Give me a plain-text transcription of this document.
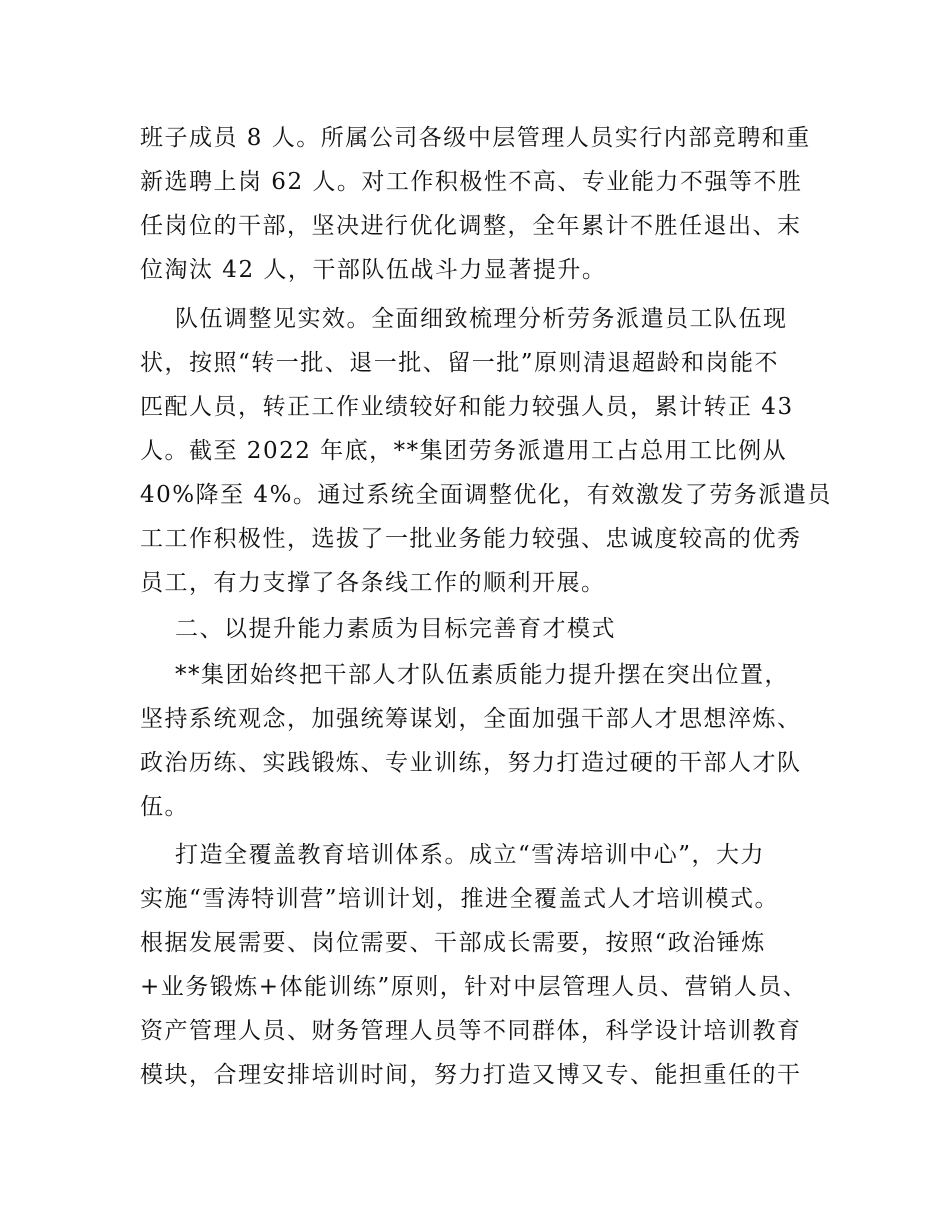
班子成员 8 人。所属公司各级中层管理人员实行内部竞聘和重
新选聘上岗 62 人。对工作积极性不高、专业能力不强等不胜
任岗位的干部，坚决进行优化调整，全年累计不胜任退出、末
位淘汰 42 人，干部队伍战斗力显著提升。
队伍调整见实效。全面细致梳理分析劳务派遣员工队伍现
状，按照“转一批、退一批、留一批”原则清退超龄和岗能不
匹配人员，转正工作业绩较好和能力较强人员，累计转正 43
人。截至 2022 年底，**集团劳务派遣用工占总用工比例从
40%降至 4%。通过系统全面调整优化，有效激发了劳务派遣员
工工作积极性，选拔了一批业务能力较强、忠诚度较高的优秀
员工，有力支撑了各条线工作的顺利开展。
二、以提升能力素质为目标完善育才模式
**集团始终把干部人才队伍素质能力提升摆在突出位置，
坚持系统观念，加强统筹谋划，全面加强干部人才思想淬炼、
政治历练、实践锻炼、专业训练，努力打造过硬的干部人才队
伍。
打造全覆盖教育培训体系。成立“雪涛培训中心”，大力
实施“雪涛特训营”培训计划，推进全覆盖式人才培训模式。
根据发展需要、岗位需要、干部成长需要，按照“政治锤炼
+业务锻炼+体能训练”原则，针对中层管理人员、营销人员、
资产管理人员、财务管理人员等不同群体，科学设计培训教育
模块，合理安排培训时间，努力打造又博又专、能担重任的干
